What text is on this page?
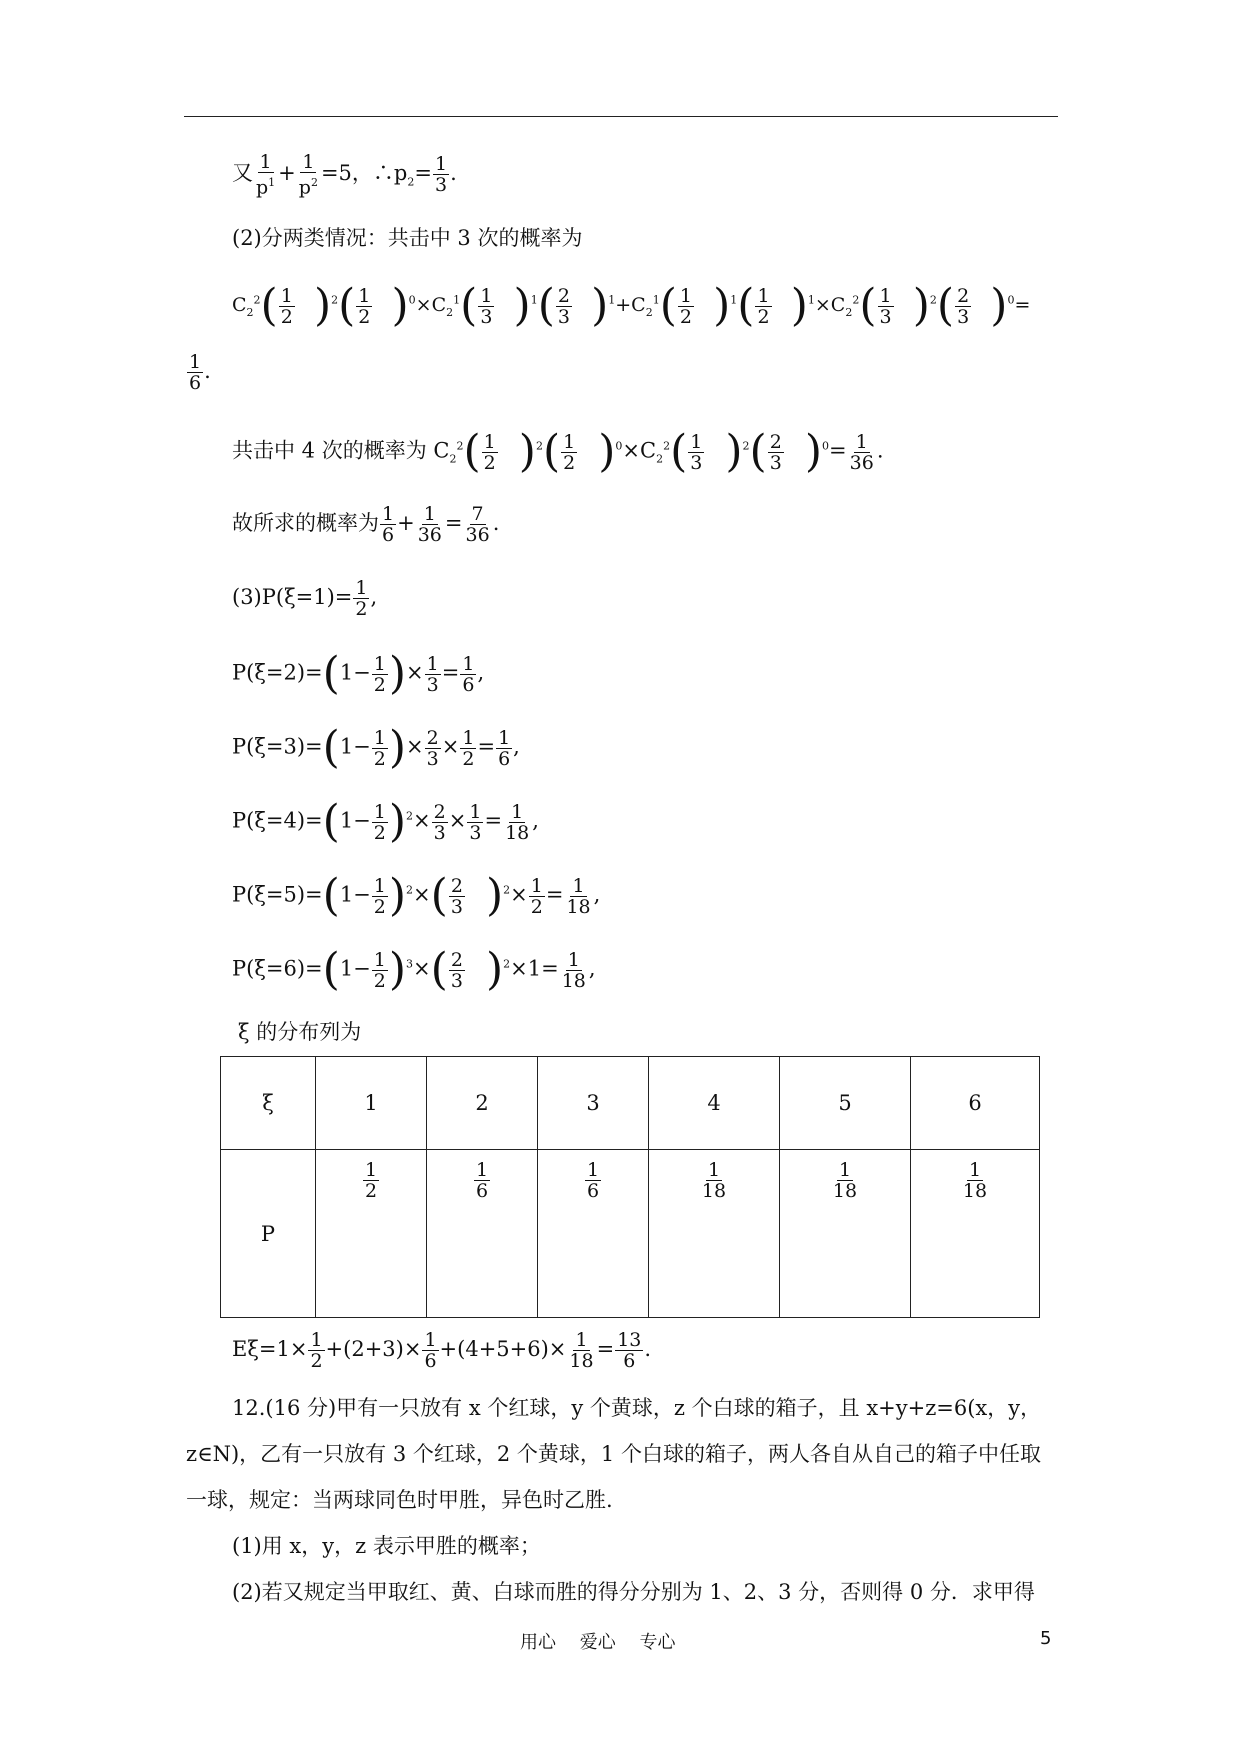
又 $\frac{1}{p^1} + \frac{1}{p^2} =5$，$\therefore p_2= \frac{1}{3}$ .
(2)分两类情况：共击中 3 次的概率为
$C_2^2( \frac{1}{2} )^2( \frac{1}{2} )^0\times C_2^1( \frac{1}{3} )^1( \frac{2}{3} )^1+C_2^1( \frac{1}{2} )^1( \frac{1}{2} )^1\times C_2^2( \frac{1}{3} )^2( \frac{2}{3} )^0=$
$\frac{1}{6}$ .
共击中 4 次的概率为 $C_2^2( \frac{1}{2} )^2( \frac{1}{2} )^0\times C_2^2( \frac{1}{3} )^2( \frac{2}{3} )^0= \frac{1}{36}$ .
故所求的概率为 $\frac{1}{6} + \frac{1}{36} = \frac{7}{36}$ .
$(3)P(\xi=1)= \frac{1}{2}$ ,
$P(\xi=2)=(1- \frac{1}{2}$ )× $\frac{1}{3} = \frac{1}{6}$ ,
$P(\xi=3)=(1- \frac{1}{2}$ )× $\frac{2}{3} \times \frac{1}{2} = \frac{1}{6}$ ,
$P(\xi=4)=(1- \frac{1}{2} )^2\times \frac{2}{3} \times \frac{1}{3} = \frac{1}{18}$ ,
$P(\xi=5)=(1- \frac{1}{2} )^2\times( \frac{2}{3} )^2\times \frac{1}{2} = \frac{1}{18}$ ,
$P(\xi=6)=(1- \frac{1}{2} )^3\times( \frac{2}{3} )^2\times 1= \frac{1}{18}$ ,
ξ 的分布列为
ξ	1	2	3	4	5	6
P	$\frac{1}{2}$	$\frac{1}{6}$	$\frac{1}{6}$	$\frac{1}{18}$	$\frac{1}{18}$	$\frac{1}{18}$
$E\xi=1\times \frac{1}{2} +(2+3)\times \frac{1}{6} +(4+5+6)\times \frac{1}{18} = \frac{13}{6}$ .
12.(16 分)甲有一只放有 x 个红球，y 个黄球，z 个白球的箱子，且 x+y+z=6(x，y，
z∈N)，乙有一只放有 3 个红球，2 个黄球，1 个白球的箱子，两人各自从自己的箱子中任取
一球，规定：当两球同色时甲胜，异色时乙胜.
(1)用 x，y，z 表示甲胜的概率；
(2)若又规定当甲取红、黄、白球而胜的得分分别为 1、2、3 分，否则得 0 分．求甲得
用心 爱心 专心	5
